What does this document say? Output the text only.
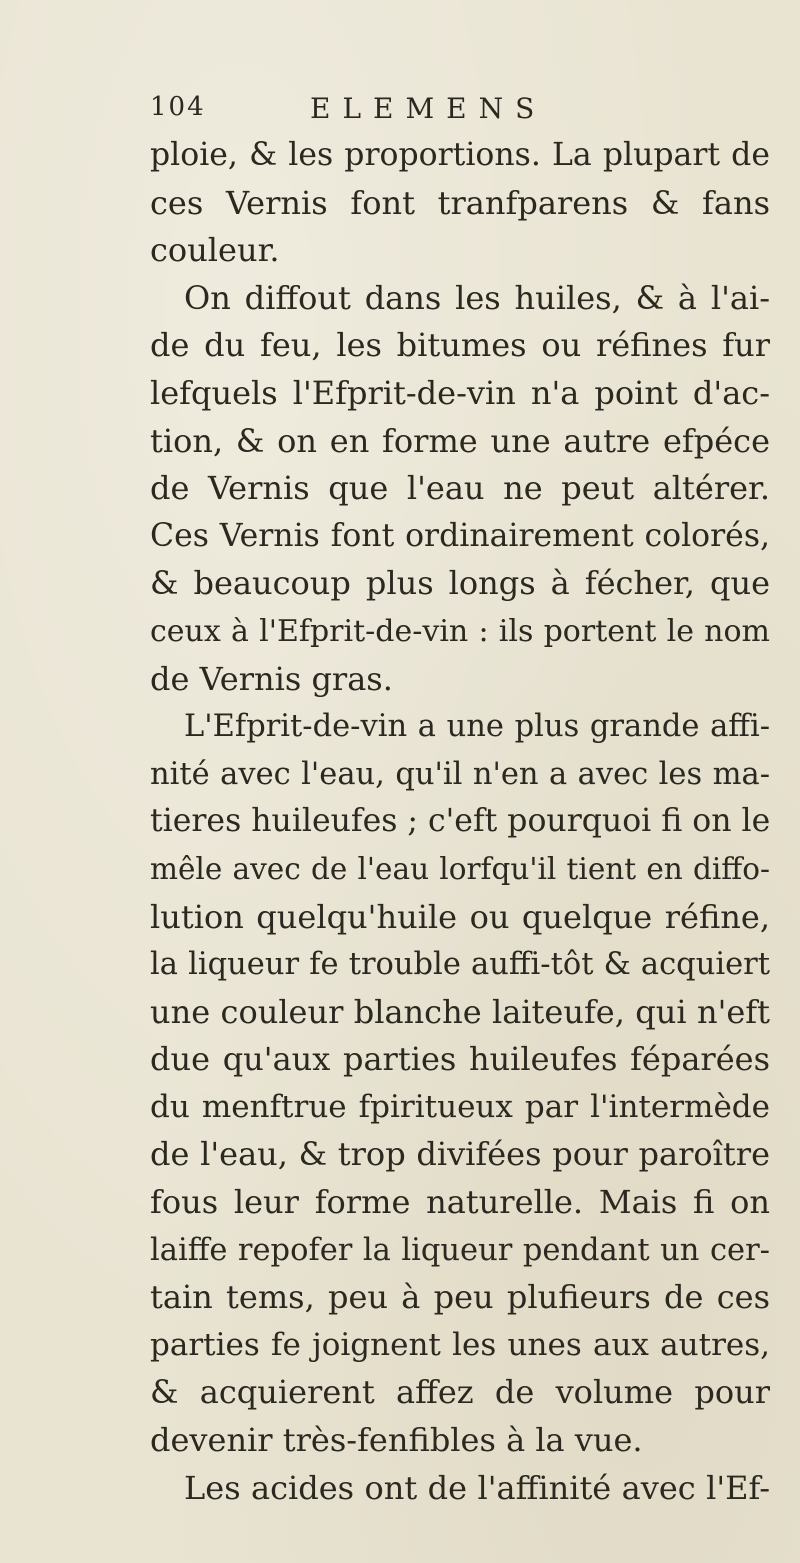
104	ELEMENS
ploie, & les proportions. La plupart de
ces Vernis font tranfparens & fans
couleur.
On diffout dans les huiles, & à l'ai-
de du feu, les bitumes ou réfines fur
lefquels l'Efprit-de-vin n'a point d'ac-
tion, & on en forme une autre efpéce
de Vernis que l'eau ne peut altérer.
Ces Vernis font ordinairement colorés,
& beaucoup plus longs à fécher, que
ceux à l'Efprit-de-vin : ils portent le nom
de Vernis gras.
L'Efprit-de-vin a une plus grande affi-
nité avec l'eau, qu'il n'en a avec les ma-
tieres huileufes ; c'eft pourquoi fi on le
mêle avec de l'eau lorfqu'il tient en diffo-
lution quelqu'huile ou quelque réfine,
la liqueur fe trouble auffi-tôt & acquiert
une couleur blanche laiteufe, qui n'eft
due qu'aux parties huileufes féparées
du menftrue fpiritueux par l'intermède
de l'eau, & trop divifées pour paroître
fous leur forme naturelle. Mais fi on
laiffe repofer la liqueur pendant un cer-
tain tems, peu à peu plufieurs de ces
parties fe joignent les unes aux autres,
& acquierent affez de volume pour
devenir très-fenfibles à la vue.
Les acides ont de l'affinité avec l'Ef-
